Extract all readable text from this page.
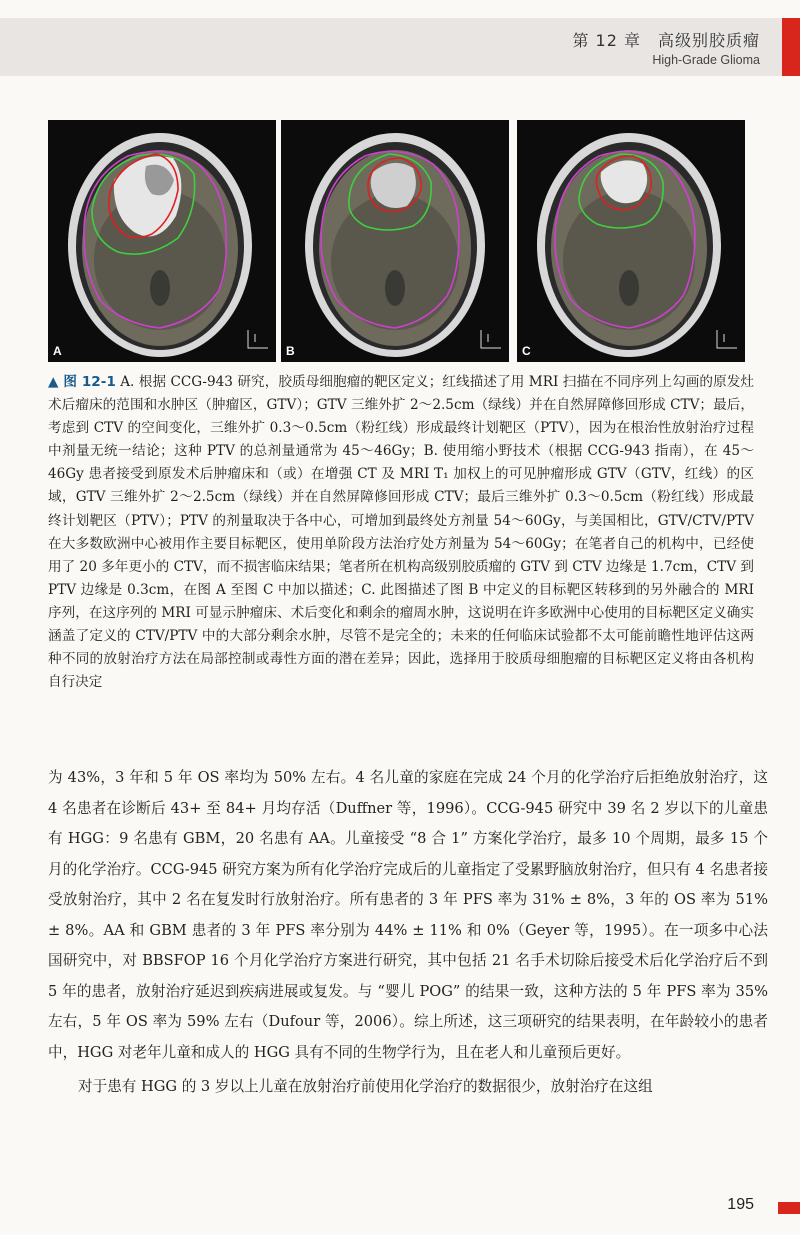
第 12 章　高级别胶质瘤
High-Grade Glioma
A	B	C
▲ 图 12-1 A. 根据 CCG-943 研究，胶质母细胞瘤的靶区定义；红线描述了用 MRI 扫描在不同序列上勾画的原发灶术后瘤床的范围和水肿区（肿瘤区，GTV）；GTV 三维外扩 2～2.5cm（绿线）并在自然屏障修回形成 CTV；最后，考虑到 CTV 的空间变化，三维外扩 0.3～0.5cm（粉红线）形成最终计划靶区（PTV），因为在根治性放射治疗过程中剂量无统一结论；这种 PTV 的总剂量通常为 45～46Gy；B. 使用缩小野技术（根据 CCG-943 指南），在 45～46Gy 患者接受到原发术后肿瘤床和（或）在增强 CT 及 MRI T₁ 加权上的可见肿瘤形成 GTV（GTV，红线）的区域，GTV 三维外扩 2～2.5cm（绿线）并在自然屏障修回形成 CTV；最后三维外扩 0.3～0.5cm（粉红线）形成最终计划靶区（PTV）；PTV 的剂量取决于各中心，可增加到最终处方剂量 54～60Gy，与美国相比，GTV/CTV/PTV 在大多数欧洲中心被用作主要目标靶区，使用单阶段方法治疗处方剂量为 54～60Gy；在笔者自己的机构中，已经使用了 20 多年更小的 CTV，而不损害临床结果；笔者所在机构高级别胶质瘤的 GTV 到 CTV 边缘是 1.7cm，CTV 到 PTV 边缘是 0.3cm，在图 A 至图 C 中加以描述；C. 此图描述了图 B 中定义的目标靶区转移到的另外融合的 MRI 序列，在这序列的 MRI 可显示肿瘤床、术后变化和剩余的瘤周水肿，这说明在许多欧洲中心使用的目标靶区定义确实涵盖了定义的 CTV/PTV 中的大部分剩余水肿，尽管不是完全的；未来的任何临床试验都不太可能前瞻性地评估这两种不同的放射治疗方法在局部控制或毒性方面的潜在差异；因此，选择用于胶质母细胞瘤的目标靶区定义将由各机构自行决定

为 43%，3 年和 5 年 OS 率均为 50% 左右。4 名儿童的家庭在完成 24 个月的化学治疗后拒绝放射治疗，这 4 名患者在诊断后 43+ 至 84+ 月均存活（Duffner 等，1996）。CCG-945 研究中 39 名 2 岁以下的儿童患有 HGG：9 名患有 GBM，20 名患有 AA。儿童接受 “8 合 1” 方案化学治疗，最多 10 个周期，最多 15 个月的化学治疗。CCG-945 研究方案为所有化学治疗完成后的儿童指定了受累野脑放射治疗，但只有 4 名患者接受放射治疗，其中 2 名在复发时行放射治疗。所有患者的 3 年 PFS 率为 31% ± 8%，3 年的 OS 率为 51% ± 8%。AA 和 GBM 患者的 3 年 PFS 率分别为 44% ± 11% 和 0%（Geyer 等，1995）。在一项多中心法国研究中，对 BBSFOP 16 个月化学治疗方案进行研究，其中包括 21 名手术切除后接受术后化学治疗后不到 5 年的患者，放射治疗延迟到疾病进展或复发。与 “婴儿 POG” 的结果一致，这种方法的 5 年 PFS 率为 35% 左右，5 年 OS 率为 59% 左右（Dufour 等，2006）。综上所述，这三项研究的结果表明，在年龄较小的患者中，HGG 对老年儿童和成人的 HGG 具有不同的生物学行为，且在老人和儿童预后更好。

对于患有 HGG 的 3 岁以上儿童在放射治疗前使用化学治疗的数据很少，放射治疗在这组

195
